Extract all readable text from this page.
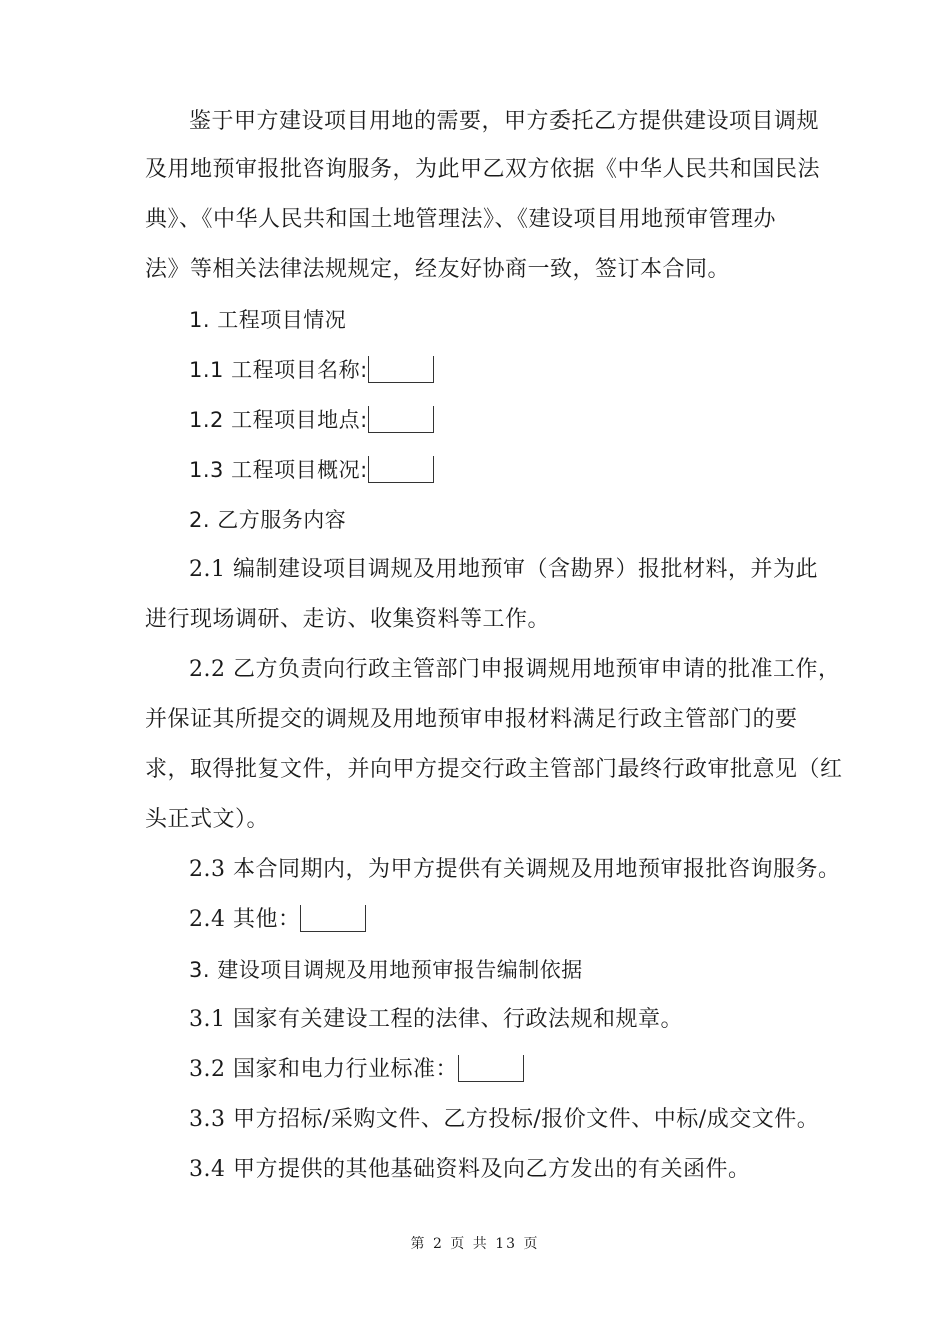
鉴于甲方建设项目用地的需要，甲方委托乙方提供建设项目调规
及用地预审报批咨询服务，为此甲乙双方依据《中华人民共和国民法
典》、《中华人民共和国土地管理法》、《建设项目用地预审管理办
法》等相关法律法规规定，经友好协商一致，签订本合同。
1. 工程项目情况
1.1 工程项目名称:
1.2 工程项目地点:
1.3 工程项目概况:
2. 乙方服务内容
2.1 编制建设项目调规及用地预审（含勘界）报批材料，并为此
进行现场调研、走访、收集资料等工作。
2.2 乙方负责向行政主管部门申报调规用地预审申请的批准工作，
并保证其所提交的调规及用地预审申报材料满足行政主管部门的要
求，取得批复文件，并向甲方提交行政主管部门最终行政审批意见（红
头正式文）。
2.3 本合同期内，为甲方提供有关调规及用地预审报批咨询服务。
2.4 其他：
3. 建设项目调规及用地预审报告编制依据
3.1 国家有关建设工程的法律、行政法规和规章。
3.2 国家和电力行业标准：
3.3 甲方招标/采购文件、乙方投标/报价文件、中标/成交文件。
3.4 甲方提供的其他基础资料及向乙方发出的有关函件。
第 2 页 共 13 页
